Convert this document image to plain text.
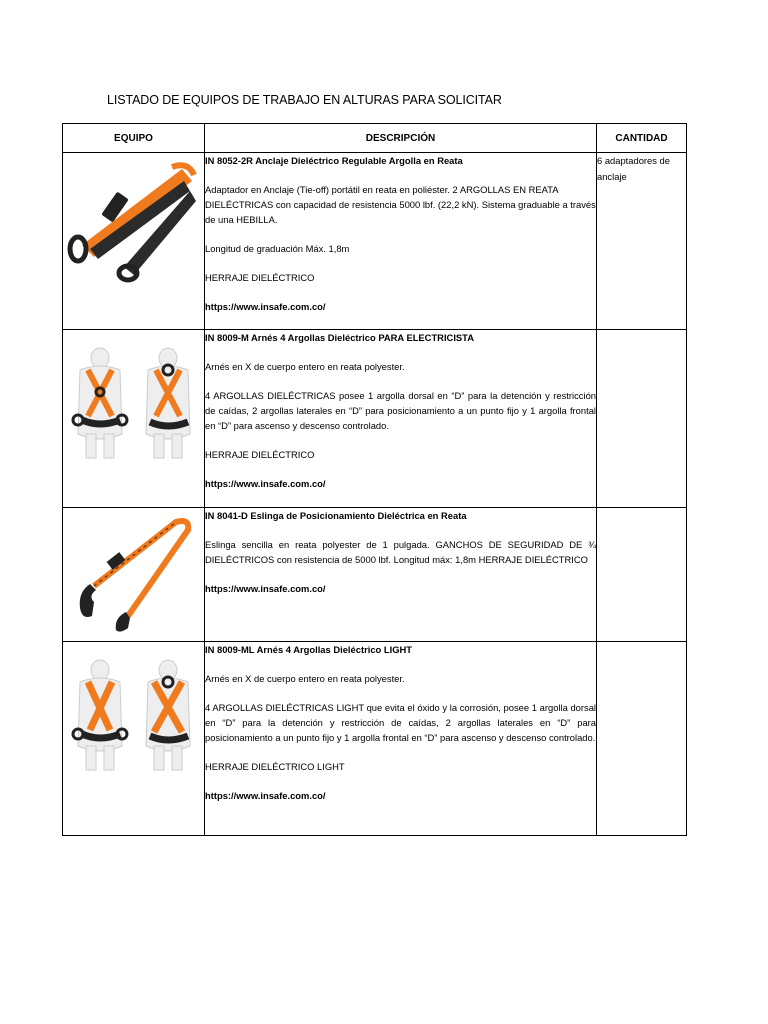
LISTADO DE EQUIPOS DE TRABAJO EN ALTURAS PARA SOLICITAR
EQUIPO	DESCRIPCIÓN	CANTIDAD

IN 8052-2R Anclaje Dieléctrico Regulable Argolla en Reata

Adaptador en Anclaje (Tie-off) portátil en reata en poliéster. 2 ARGOLLAS EN REATA DIELÉCTRICAS con capacidad de resistencia 5000 lbf. (22,2 kN). Sistema graduable a través de una HEBILLA.

Longitud de graduación Máx. 1,8m

HERRAJE DIELÉCTRICO

https://www.insafe.com.co/	6 adaptadores de anclaje

IN 8009-M Arnés 4 Argollas Dieléctrico PARA ELECTRICISTA

Arnés en X de cuerpo entero en reata polyester.

4 ARGOLLAS DIELÉCTRICAS posee 1 argolla dorsal en “D” para la detención y restricción de caídas, 2 argollas laterales en “D” para posicionamiento a un punto fijo y 1 argolla frontal en “D” para ascenso y descenso controlado.

HERRAJE DIELÉCTRICO

https://www.insafe.com.co/	

IN 8041-D Eslinga de Posicionamiento Dieléctrica en Reata

Eslinga sencilla en reata polyester de 1 pulgada. GANCHOS DE SEGURIDAD DE ¾ DIELÉCTRICOS con resistencia de 5000 lbf. Longitud máx: 1,8m HERRAJE DIELÉCTRICO

https://www.insafe.com.co/	

IN 8009-ML Arnés 4 Argollas Dieléctrico LIGHT

Arnés en X de cuerpo entero en reata polyester.

4 ARGOLLAS DIELÉCTRICAS LIGHT que evita el óxido y la corrosión, posee 1 argolla dorsal en “D” para la detención y restricción de caídas, 2 argollas laterales en “D” para posicionamiento a un punto fijo y 1 argolla frontal en “D” para ascenso y descenso controlado.

HERRAJE DIELÉCTRICO LIGHT

https://www.insafe.com.co/	
